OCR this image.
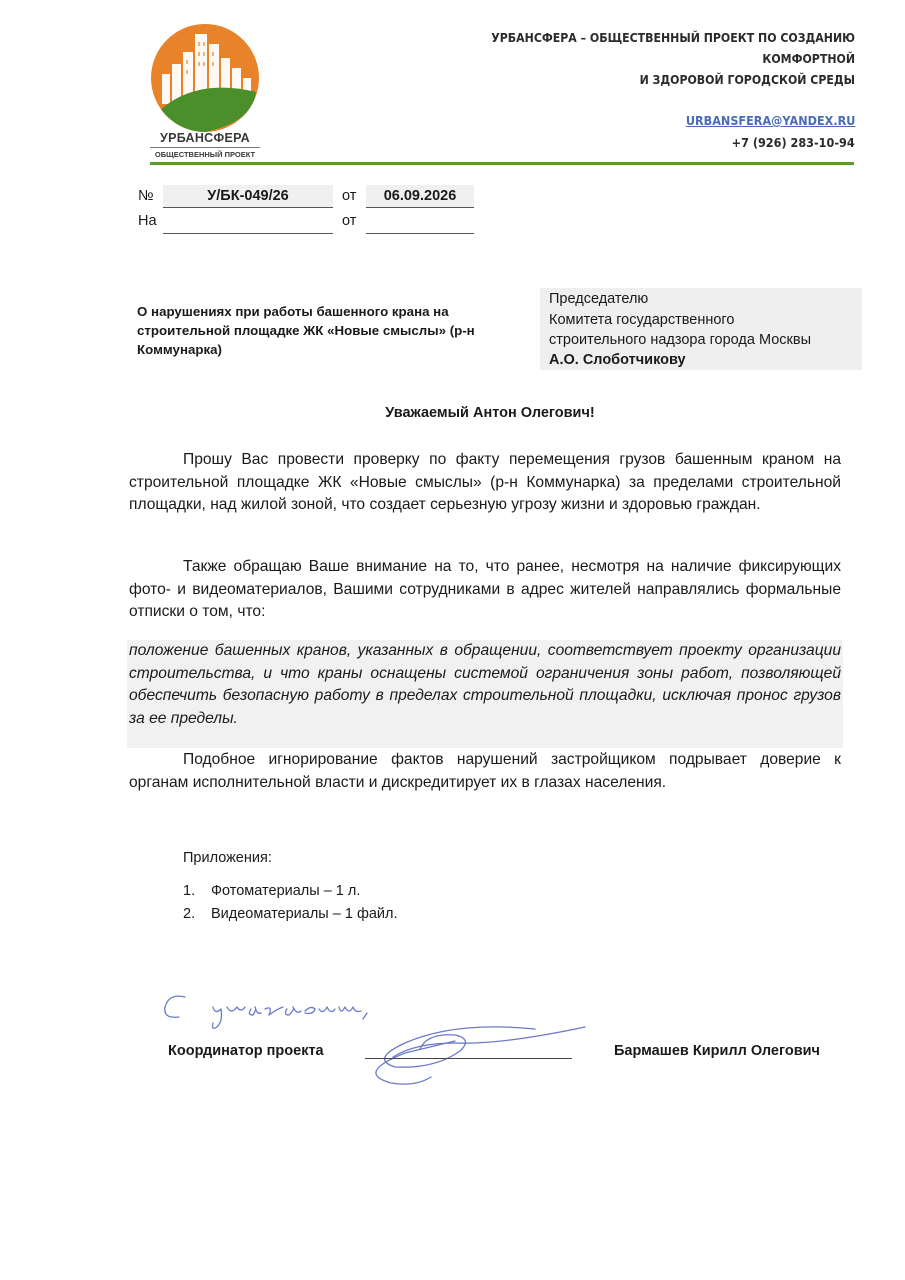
УРБАНСФЕРА
ОБЩЕСТВЕННЫЙ ПРОЕКТ
УРБАНСФЕРА – ОБЩЕСТВЕННЫЙ ПРОЕКТ ПО СОЗДАНИЮ КОМФОРТНОЙ
И ЗДОРОВОЙ ГОРОДСКОЙ СРЕДЫ
URBANSFERA@YANDEX.RU
+7 (926) 283-10-94
№	У/БК-049/26	от	06.09.2026
На	от
О нарушениях при работы башенного крана на строительной площадке ЖК «Новые смыслы» (р-н Коммунарка)
Председателю
Комитета государственного
строительного надзора города Москвы
А.О. Слоботчикову
Уважаемый Антон Олегович!
Прошу Вас провести проверку по факту перемещения грузов башенным краном на строительной площадке ЖК «Новые смыслы» (р-н Коммунарка) за пределами строительной площадки, над жилой зоной, что создает серьезную угрозу жизни и здоровью граждан.
Также обращаю Ваше внимание на то, что ранее, несмотря на наличие фиксирующих фото- и видеоматериалов, Вашими сотрудниками в адрес жителей направлялись формальные отписки о том, что:
положение башенных кранов, указанных в обращении, соответствует проекту организации строительства, и что краны оснащены системой ограничения зоны работ, позволяющей обеспечить безопасную работу в пределах строительной площадки, исключая пронос грузов за ее пределы.
Подобное игнорирование фактов нарушений застройщиком подрывает доверие к органам исполнительной власти и дискредитирует их в глазах населения.
Приложения:
1. Фотоматериалы – 1 л.
2. Видеоматериалы – 1 файл.
Координатор проекта	Бармашев Кирилл Олегович
